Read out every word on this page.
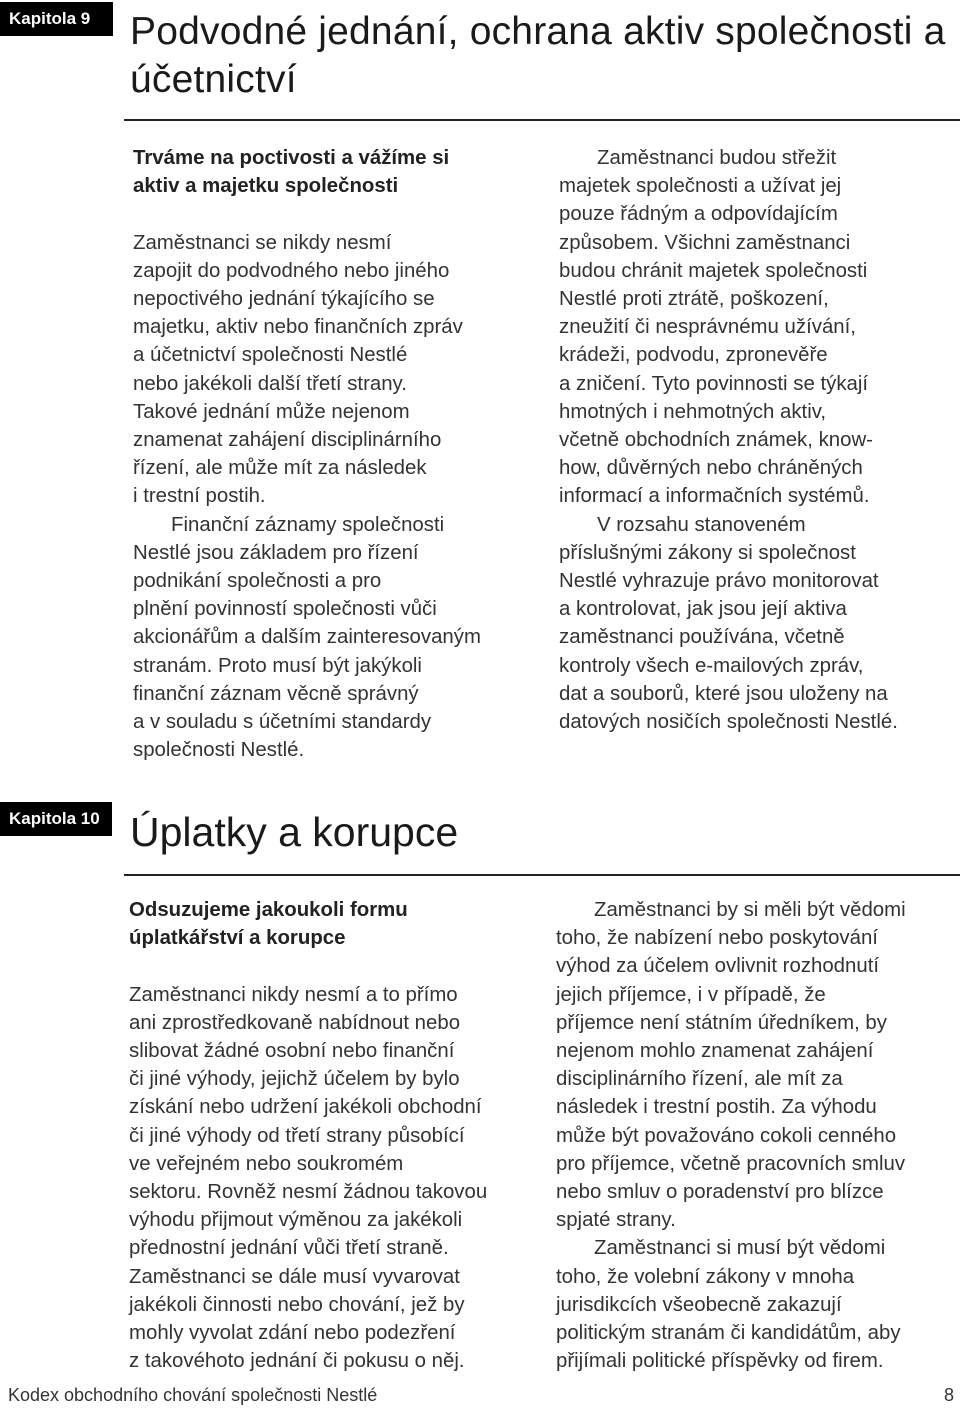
Kapitola 9	Podvodné jednání, ochrana aktiv společnosti a účetnictví

Trváme na poctivosti a vážíme si
aktiv a majetku společnosti

Zaměstnanci se nikdy nesmí
zapojit do podvodného nebo jiného
nepoctivého jednání týkajícího se
majetku, aktiv nebo finančních zpráv
a účetnictví společnosti Nestlé
nebo jakékoli další třetí strany.
Takové jednání může nejenom
znamenat zahájení disciplinárního
řízení, ale může mít za následek
i trestní postih.

Finanční záznamy společnosti
Nestlé jsou základem pro řízení
podnikání společnosti a pro
plnění povinností společnosti vůči
akcionářům a dalším zainteresovaným
stranám. Proto musí být jakýkoli
finanční záznam věcně správný
a v souladu s účetními standardy
společnosti Nestlé.

Zaměstnanci budou střežit
majetek společnosti a užívat jej
pouze řádným a odpovídajícím
způsobem. Všichni zaměstnanci
budou chránit majetek společnosti
Nestlé proti ztrátě, poškození,
zneužití či nesprávnému užívání,
krádeži, podvodu, zpronevěře
a zničení. Tyto povinnosti se týkají
hmotných i nehmotných aktiv,
včetně obchodních známek, know-
how, důvěrných nebo chráněných
informací a informačních systémů.

V rozsahu stanoveném
příslušnými zákony si společnost
Nestlé vyhrazuje právo monitorovat
a kontrolovat, jak jsou její aktiva
zaměstnanci používána, včetně
kontroly všech e-mailových zpráv,
dat a souborů, které jsou uloženy na
datových nosičích společnosti Nestlé.

Kapitola 10 Úplatky a korupce

Odsuzujeme jakoukoli formu
úplatkářství a korupce

Zaměstnanci nikdy nesmí a to přímo
ani zprostředkovaně nabídnout nebo
slibovat žádné osobní nebo finanční
či jiné výhody, jejichž účelem by bylo
získání nebo udržení jakékoli obchodní
či jiné výhody od třetí strany působící
ve veřejném nebo soukromém
sektoru. Rovněž nesmí žádnou takovou
výhodu přijmout výměnou za jakékoli
přednostní jednání vůči třetí straně.
Zaměstnanci se dále musí vyvarovat
jakékoli činnosti nebo chování, jež by
mohly vyvolat zdání nebo podezření
z takovéhoto jednání či pokusu o něj.

Zaměstnanci by si měli být vědomi
toho, že nabízení nebo poskytování
výhod za účelem ovlivnit rozhodnutí
jejich příjemce, i v případě, že
příjemce není státním úředníkem, by
nejenom mohlo znamenat zahájení
disciplinárního řízení, ale mít za
následek i trestní postih. Za výhodu
může být považováno cokoli cenného
pro příjemce, včetně pracovních smluv
nebo smluv o poradenství pro blízce
spjaté strany.

Zaměstnanci si musí být vědomi
toho, že volební zákony v mnoha
jurisdikcích všeobecně zakazují
politickým stranám či kandidátům, aby
přijímali politické příspěvky od firem.

Kodex obchodního chování společnosti Nestlé	8
